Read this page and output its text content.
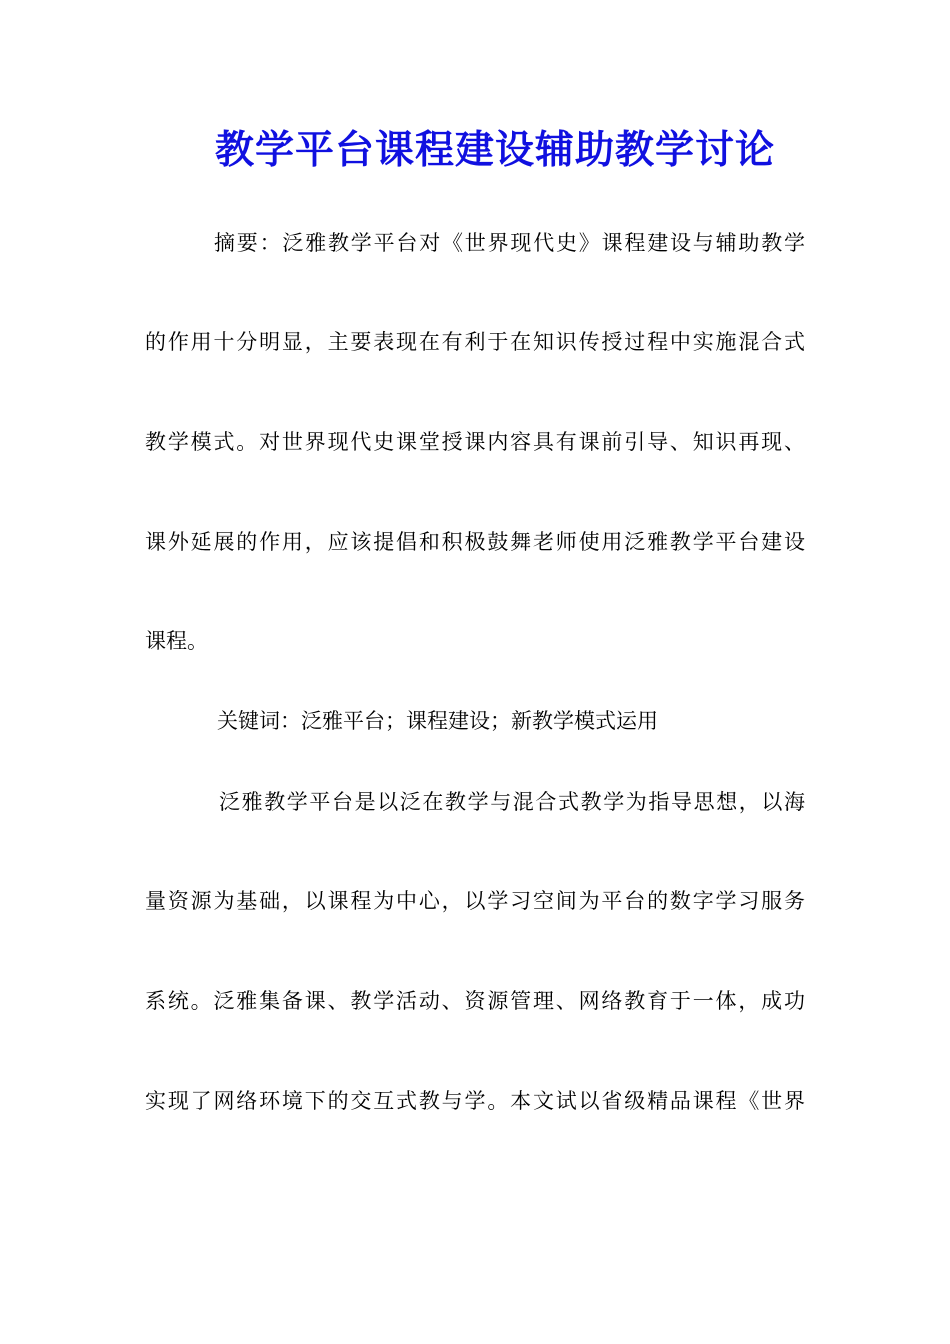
教学平台课程建设辅助教学讨论
摘要：泛雅教学平台对《世界现代史》课程建设与辅助教学
的作用十分明显，主要表现在有利于在知识传授过程中实施混合式
教学模式。对世界现代史课堂授课内容具有课前引导、知识再现、
课外延展的作用，应该提倡和积极鼓舞老师使用泛雅教学平台建设
课程。
关键词：泛雅平台；课程建设；新教学模式运用
泛雅教学平台是以泛在教学与混合式教学为指导思想，以海
量资源为基础，以课程为中心，以学习空间为平台的数字学习服务
系统。泛雅集备课、教学活动、资源管理、网络教育于一体，成功
实现了网络环境下的交互式教与学。本文试以省级精品课程《世界
